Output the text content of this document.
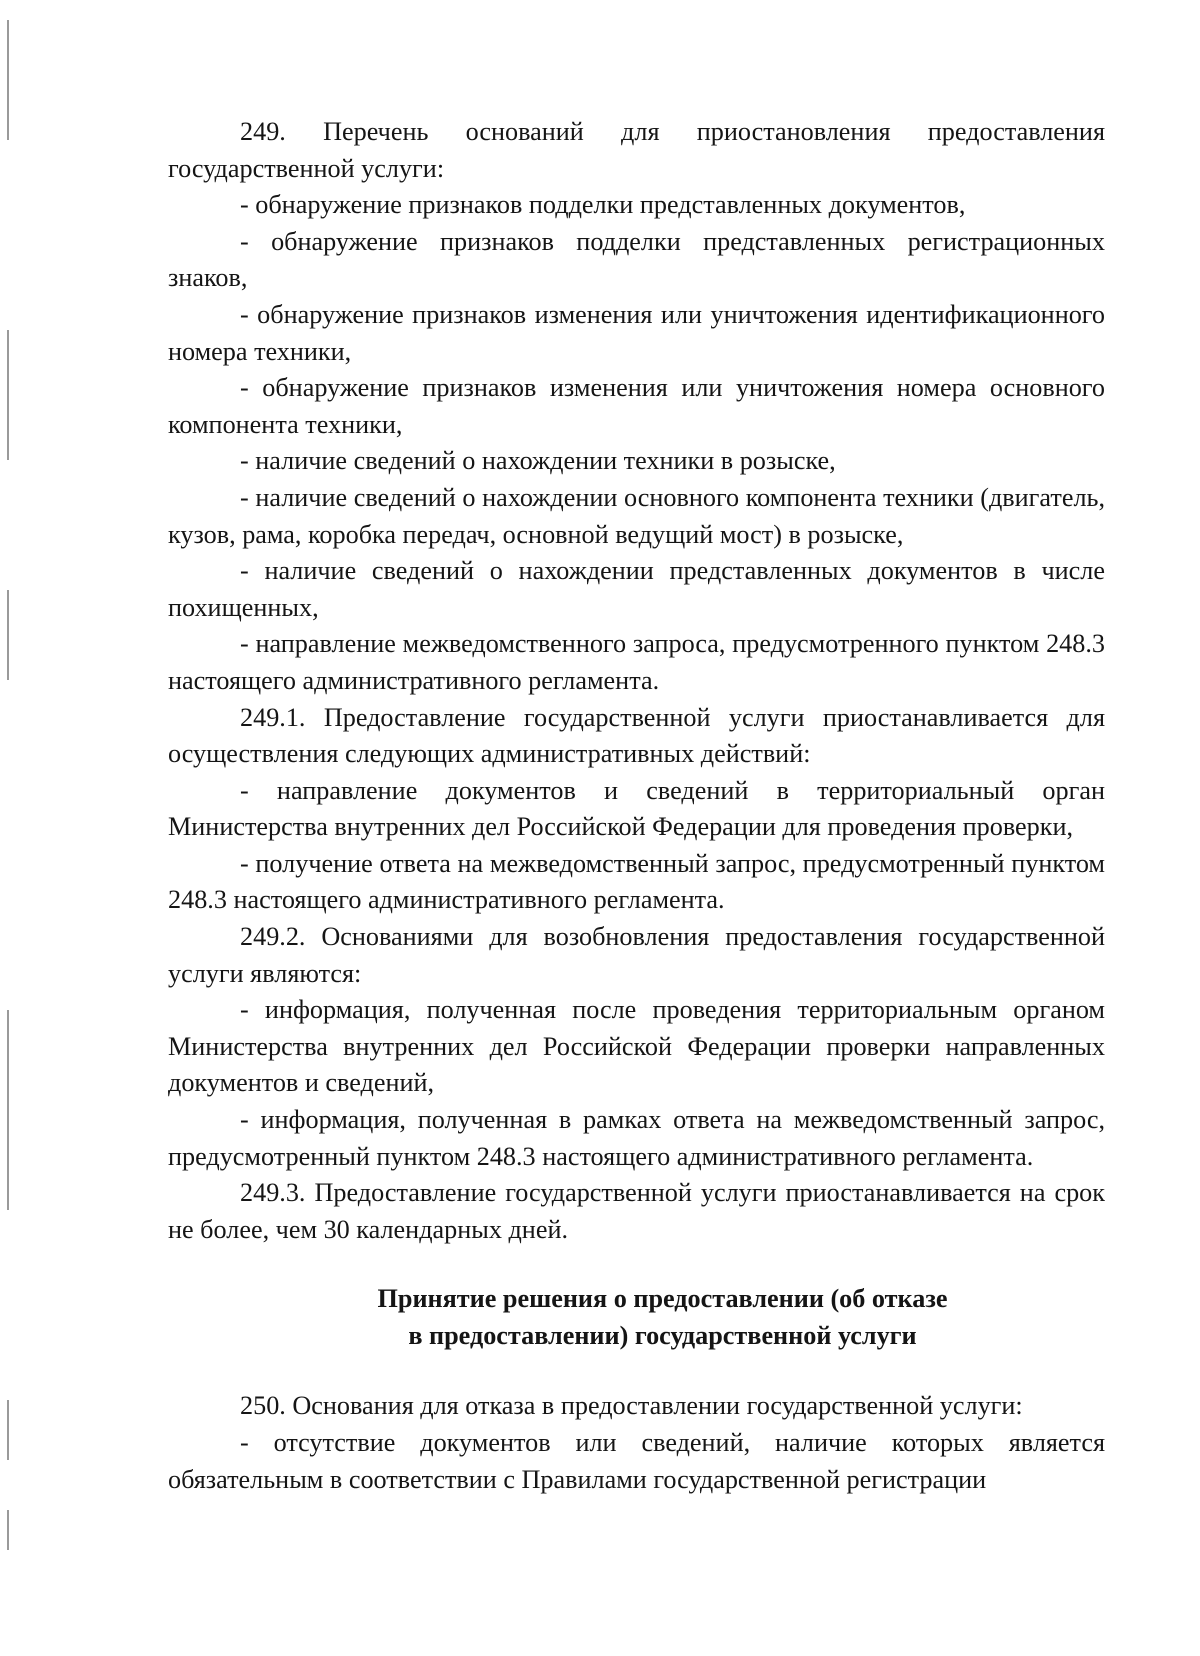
249. Перечень оснований для приостановления предоставления государственной услуги:

- обнаружение признаков подделки представленных документов,

- обнаружение признаков подделки представленных регистрационных знаков,

- обнаружение признаков изменения или уничтожения идентификационного номера техники,

- обнаружение признаков изменения или уничтожения номера основного компонента техники,

- наличие сведений о нахождении техники в розыске,

- наличие сведений о нахождении основного компонента техники (двигатель, кузов, рама, коробка передач, основной ведущий мост) в розыске,

- наличие сведений о нахождении представленных документов в числе похищенных,

- направление межведомственного запроса, предусмотренного пунктом 248.3 настоящего административного регламента.

249.1. Предоставление государственной услуги приостанавливается для осуществления следующих административных действий:

- направление документов и сведений в территориальный орган Министерства внутренних дел Российской Федерации для проведения проверки,

- получение ответа на межведомственный запрос, предусмотренный пунктом 248.3 настоящего административного регламента.

249.2. Основаниями для возобновления предоставления государственной услуги являются:

- информация, полученная после проведения территориальным органом Министерства внутренних дел Российской Федерации проверки направленных документов и сведений,

- информация, полученная в рамках ответа на межведомственный запрос, предусмотренный пунктом 248.3 настоящего административного регламента.

249.3. Предоставление государственной услуги приостанавливается на срок не более, чем 30 календарных дней.

Принятие решения о предоставлении (об отказе
в предоставлении) государственной услуги

250. Основания для отказа в предоставлении государственной услуги:

- отсутствие документов или сведений, наличие которых является обязательным в соответствии с Правилами государственной регистрации
